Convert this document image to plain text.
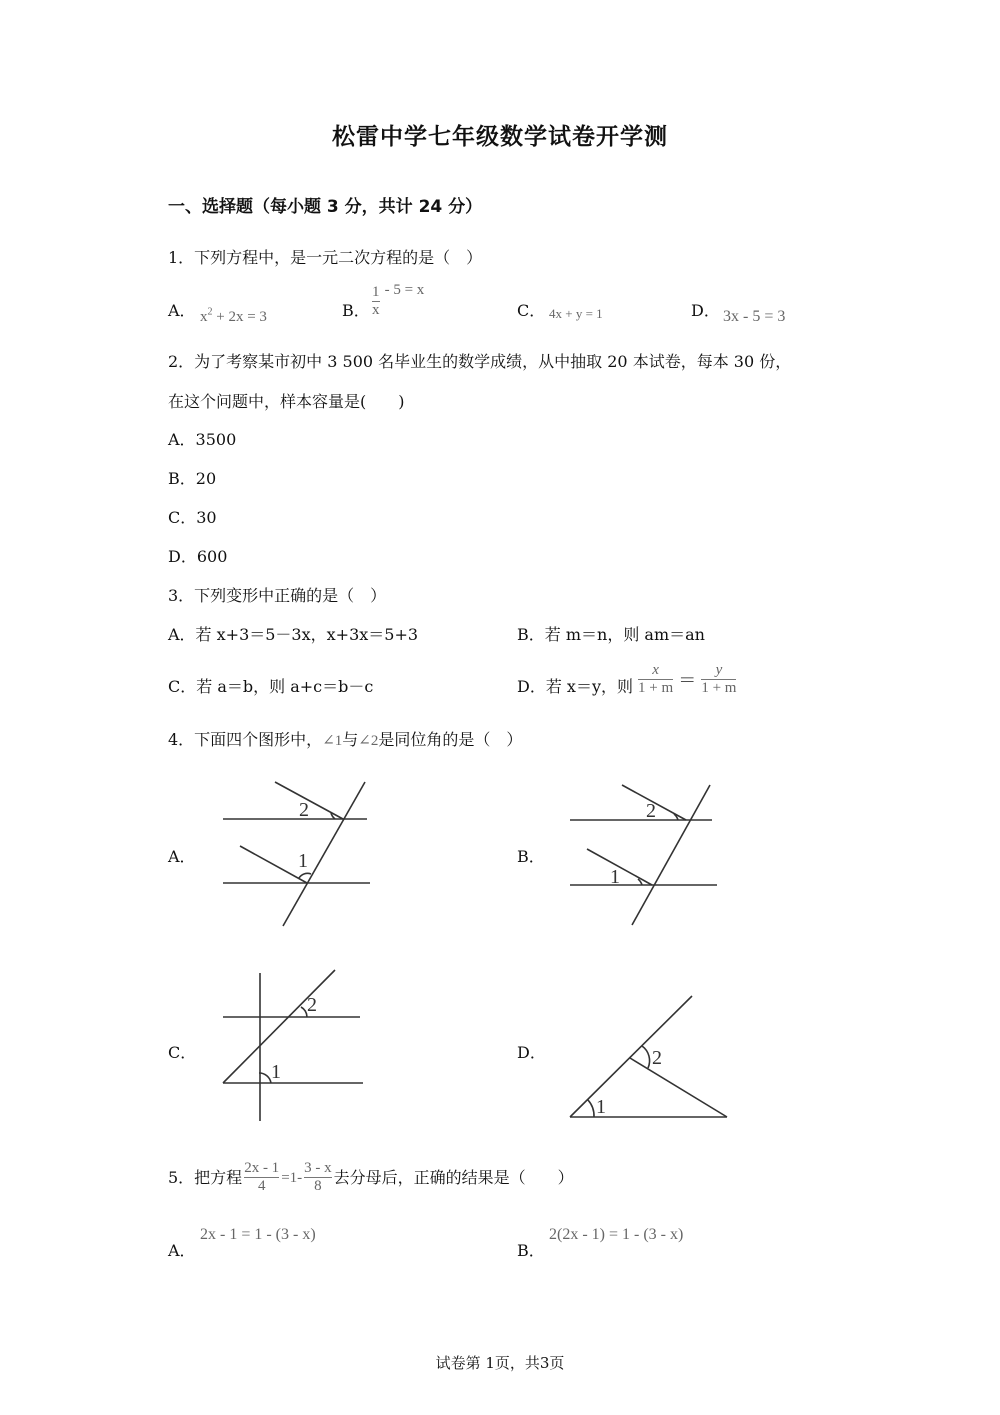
松雷中学七年级数学试卷开学测
一、选择题（每小题 3 分，共计 24 分）
1．下列方程中，是一元二次方程的是（　）
A． $x^2 + 2x = 3$	B． $\frac{1}{x} - 5 = x$
C． 4x + y = 1	D． 3x - 5 = 3
2．为了考察某市初中 3 500 名毕业生的数学成绩，从中抽取 20 本试卷，每本 30 份，
在这个问题中，样本容量是(　　)
A．3500
B．20
C．30
D．600
3．下列变形中正确的是（　）
A．若 x+3＝5－3x，x+3x＝5+3	B．若 m＝n，则 am＝an
C．若 a＝b，则 a+c＝b－c	D．若 x＝y，则 $\frac{x}{1 + m} = \frac{y}{1 + m}$
4．下面四个图形中，∠1与∠2是同位角的是（　）
A．
2
1	B．
2
1
C．
2
1
D．	2
1
5．把方程 $\frac{2x - 1}{4} =1- \frac{3 - x}{8}$ 去分母后，正确的结果是（　　）
A．
2x - 1 = 1 - (3 - x)
B．
2(2x - 1) = 1 - (3 - x)
试卷第 1页，共3页
